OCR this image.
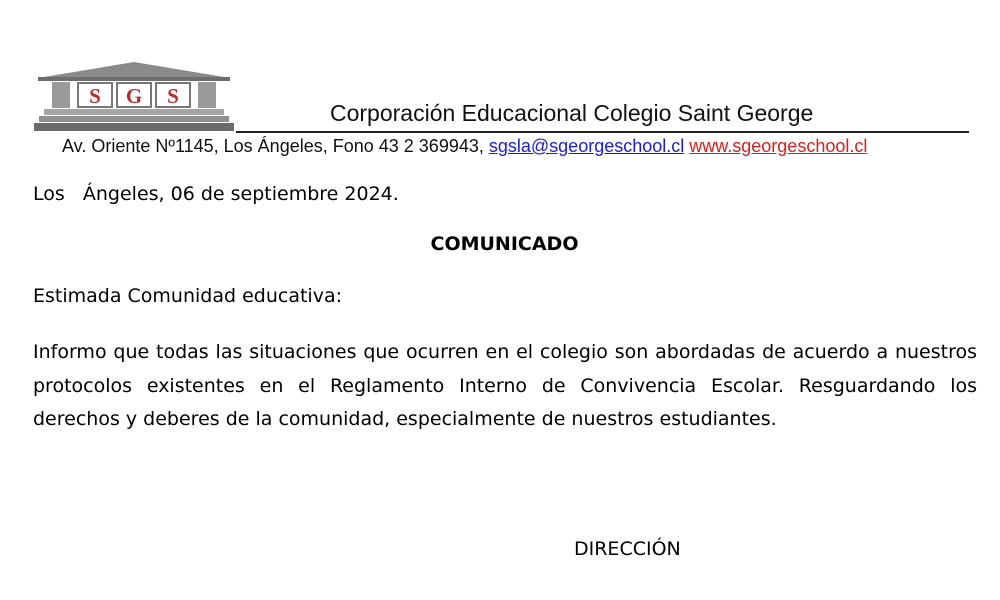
S G S
Corporación Educacional Colegio Saint George
Av. Oriente Nº1145, Los Ángeles, Fono 43 2 369943, sgsla@sgeorgeschool.cl www.sgeorgeschool.cl
Los   Ángeles, 06 de septiembre 2024.
COMUNICADO
Estimada Comunidad educativa:
Informo que todas las situaciones que ocurren en el colegio son abordadas de acuerdo a nuestros protocolos existentes en el Reglamento Interno de Convivencia Escolar. Resguardando los derechos y deberes de la comunidad, especialmente de nuestros estudiantes.
DIRECCIÓN
